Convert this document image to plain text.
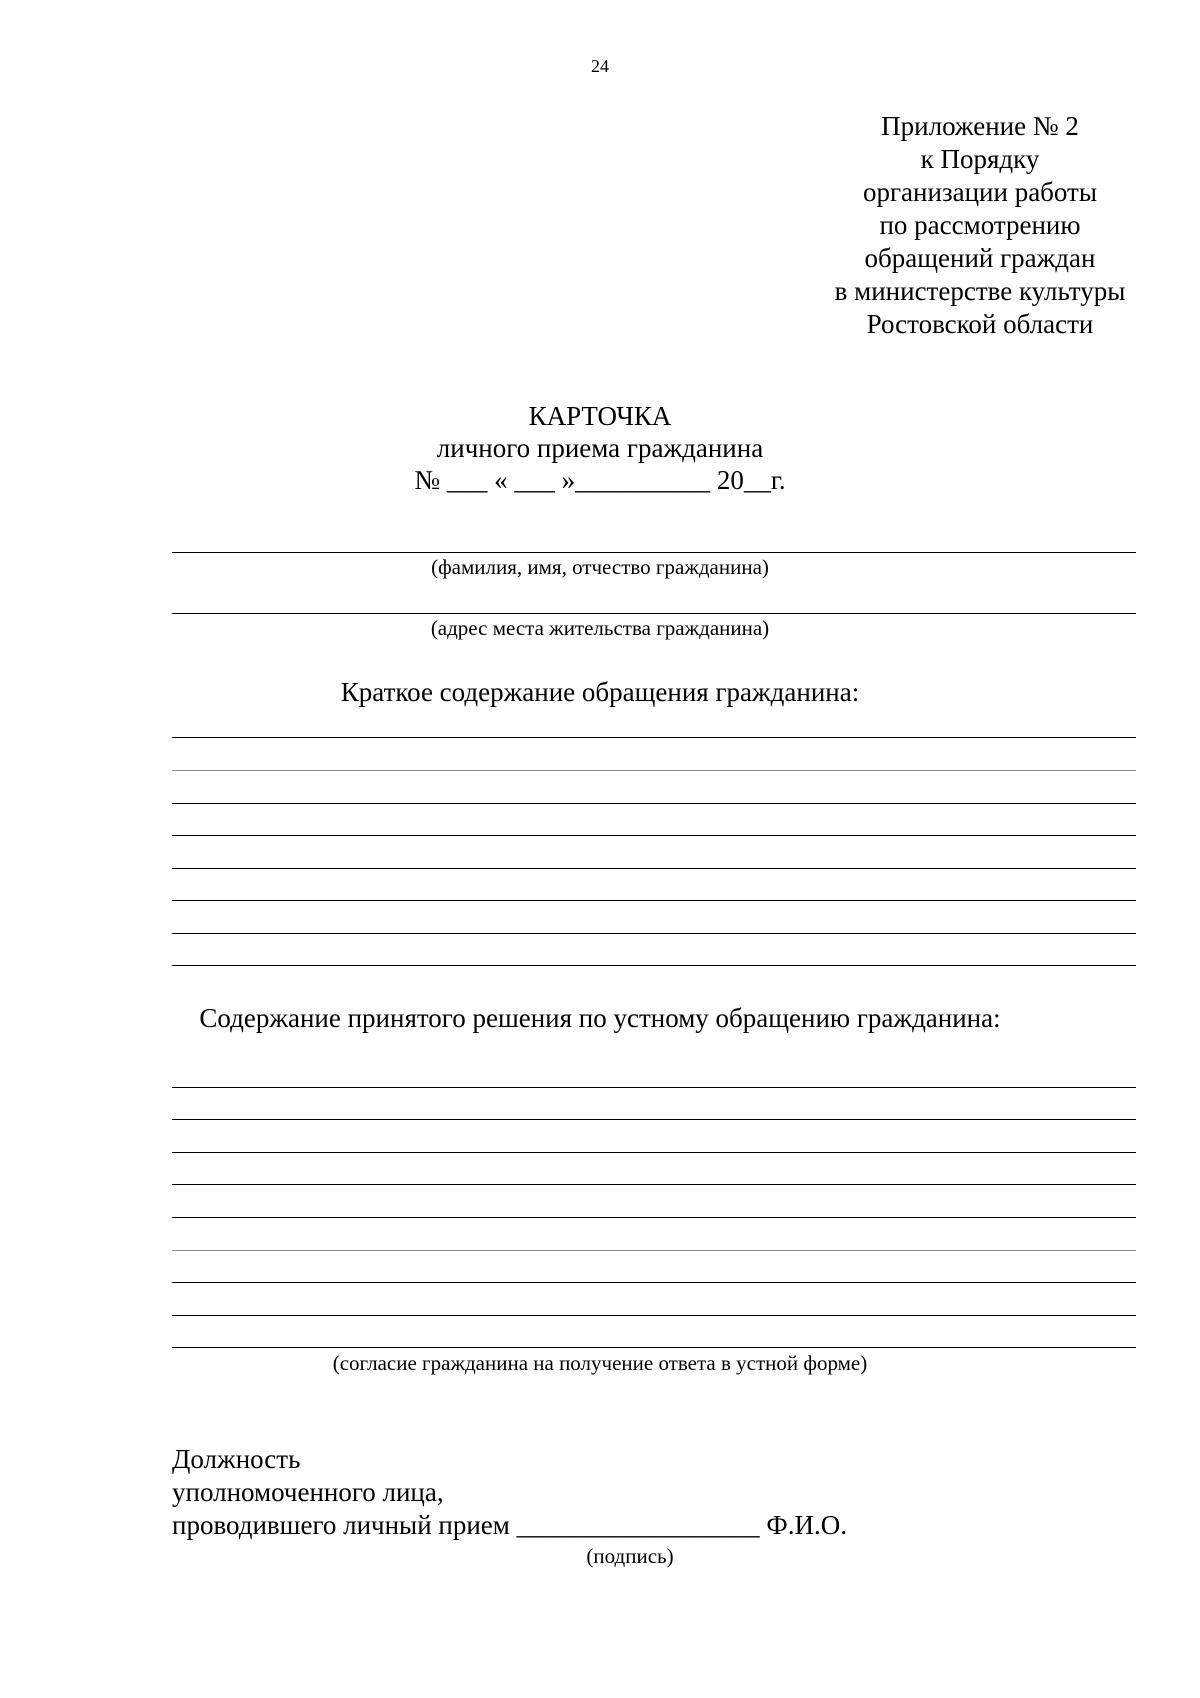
24
Приложение № 2
к Порядку
организации работы
по рассмотрению
обращений граждан
в министерстве культуры
Ростовской области
КАРТОЧКА
личного приема гражданина
№ ___ « ___ »__________ 20__г.
(фамилия, имя, отчество гражданина)
(адрес места жительства гражданина)
Краткое содержание обращения гражданина:
Содержание принятого решения по устному обращению гражданина:
(согласие гражданина на получение ответа в устной форме)
Должность
уполномоченного лица,
проводившего личный прием __________________ Ф.И.О.
(подпись)
